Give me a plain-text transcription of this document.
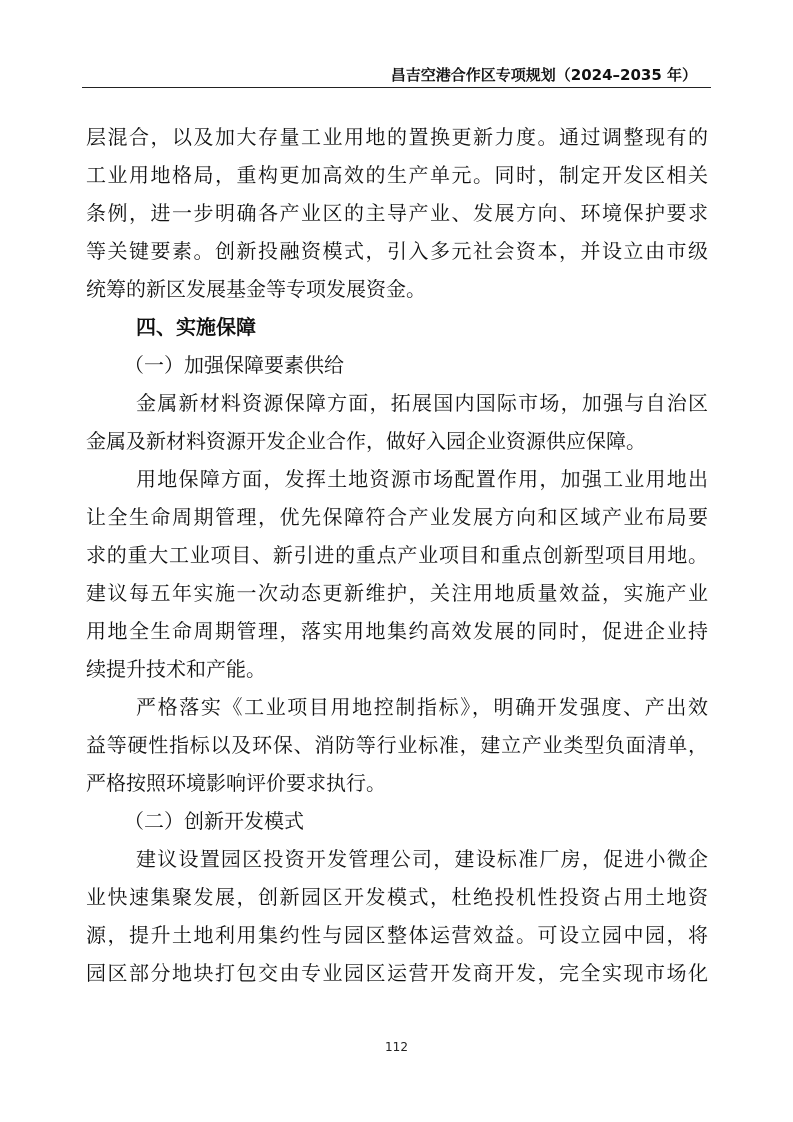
昌吉空港合作区专项规划（2024–2035 年）
层混合，以及加大存量工业用地的置换更新力度。通过调整现有的
工业用地格局，重构更加高效的生产单元。同时，制定开发区相关
条例，进一步明确各产业区的主导产业、发展方向、环境保护要求
等关键要素。创新投融资模式，引入多元社会资本，并设立由市级
统筹的新区发展基金等专项发展资金。
四、实施保障
（一）加强保障要素供给
金属新材料资源保障方面，拓展国内国际市场，加强与自治区
金属及新材料资源开发企业合作，做好入园企业资源供应保障。
用地保障方面，发挥土地资源市场配置作用，加强工业用地出
让全生命周期管理，优先保障符合产业发展方向和区域产业布局要
求的重大工业项目、新引进的重点产业项目和重点创新型项目用地。
建议每五年实施一次动态更新维护，关注用地质量效益，实施产业
用地全生命周期管理，落实用地集约高效发展的同时，促进企业持
续提升技术和产能。
严格落实《工业项目用地控制指标》，明确开发强度、产出效
益等硬性指标以及环保、消防等行业标准，建立产业类型负面清单，
严格按照环境影响评价要求执行。
（二）创新开发模式
建议设置园区投资开发管理公司，建设标准厂房，促进小微企
业快速集聚发展，创新园区开发模式，杜绝投机性投资占用土地资
源，提升土地利用集约性与园区整体运营效益。可设立园中园，将
园区部分地块打包交由专业园区运营开发商开发，完全实现市场化
112
